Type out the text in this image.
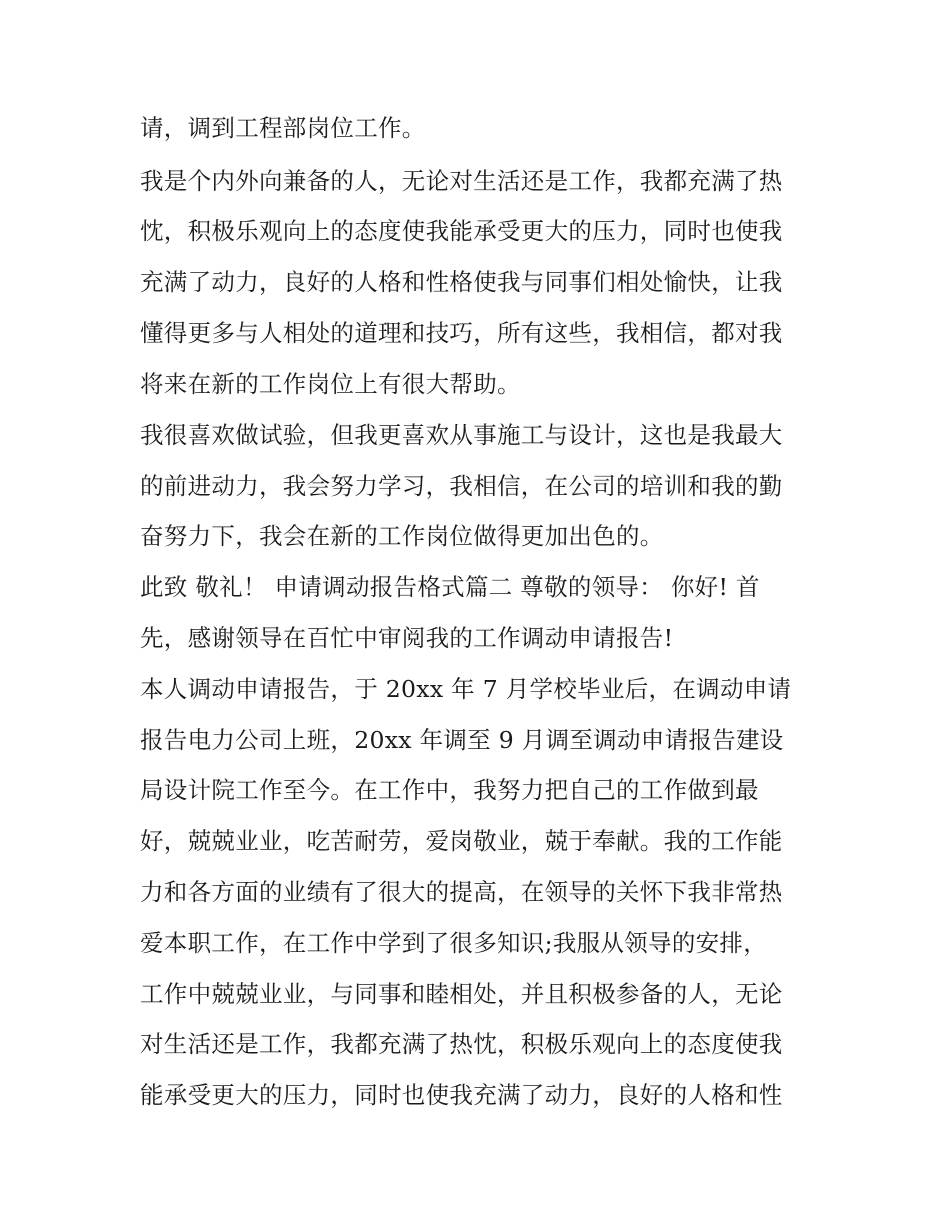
请，调到工程部岗位工作。
我是个内外向兼备的人，无论对生活还是工作，我都充满了热
忱，积极乐观向上的态度使我能承受更大的压力，同时也使我
充满了动力，良好的人格和性格使我与同事们相处愉快，让我
懂得更多与人相处的道理和技巧，所有这些，我相信，都对我
将来在新的工作岗位上有很大帮助。
我很喜欢做试验，但我更喜欢从事施工与设计，这也是我最大
的前进动力，我会努力学习，我相信，在公司的培训和我的勤
奋努力下，我会在新的工作岗位做得更加出色的。
此致 敬礼！ 申请调动报告格式篇二 尊敬的领导： 你好! 首
先，感谢领导在百忙中审阅我的工作调动申请报告!
本人调动申请报告，于 20xx 年 7 月学校毕业后，在调动申请
报告电力公司上班，20xx 年调至 9 月调至调动申请报告建设
局设计院工作至今。在工作中，我努力把自己的工作做到最
好，兢兢业业，吃苦耐劳，爱岗敬业，兢于奉献。我的工作能
力和各方面的业绩有了很大的提高，在领导的关怀下我非常热
爱本职工作，在工作中学到了很多知识;我服从领导的安排，
工作中兢兢业业，与同事和睦相处，并且积极参备的人，无论
对生活还是工作，我都充满了热忱，积极乐观向上的态度使我
能承受更大的压力，同时也使我充满了动力，良好的人格和性
